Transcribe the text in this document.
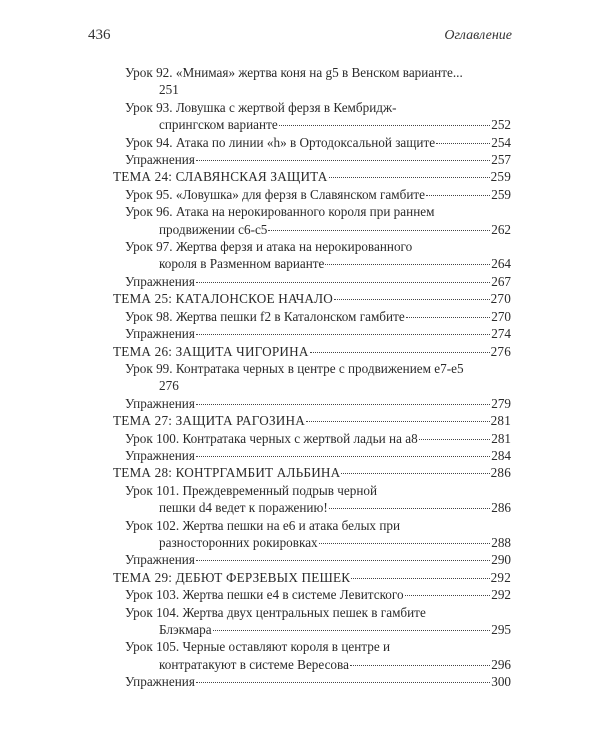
436	Оглавление
Урок 92. «Мнимая» жертва коня на g5 в Венском варианте...
251
Урок 93. Ловушка с жертвой ферзя в Кембридж-
спрингском варианте	252
Урок 94. Атака по линии «h» в Ортодоксальной защите	254
Упражнения	257
ТЕМА 24: СЛАВЯНСКАЯ ЗАЩИТА	259
Урок 95. «Ловушка» для ферзя в Славянском гамбите	259
Урок 96. Атака на нерокированного короля при раннем
продвижении c6-c5	262
Урок 97. Жертва ферзя и атака на нерокированного
короля в Разменном варианте	264
Упражнения	267
ТЕМА 25: КАТАЛОНСКОЕ НАЧАЛО	270
Урок 98. Жертва пешки f2 в Каталонском гамбите	270
Упражнения	274
ТЕМА 26: ЗАЩИТА ЧИГОРИНА	276
Урок 99. Контратака черных в центре с продвижением e7-e5
276
Упражнения	279
ТЕМА 27: ЗАЩИТА РАГОЗИНА	281
Урок 100. Контратака черных с жертвой ладьи на а8	281
Упражнения	284
ТЕМА 28: КОНТРГАМБИТ АЛЬБИНА	286
Урок 101. Преждевременный подрыв черной
пешки d4 ведет к поражению!	286
Урок 102. Жертва пешки на е6 и атака белых при
разносторонних рокировках	288
Упражнения	290
ТЕМА 29: ДЕБЮТ ФЕРЗЕВЫХ ПЕШЕК	292
Урок 103. Жертва пешки е4 в системе Левитского	292
Урок 104. Жертва двух центральных пешек в гамбите
Блэкмара	295
Урок 105. Черные оставляют короля в центре и
контратакуют в системе Вересова	296
Упражнения	300
